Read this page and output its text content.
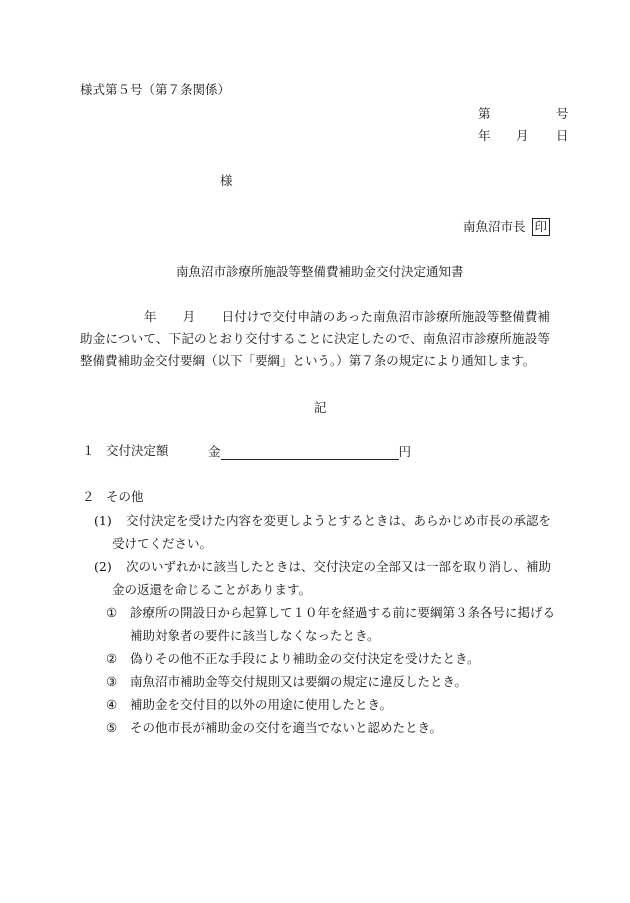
様式第５号（第７条関係）
第	号
年 月 日
様
南魚沼市長 印
南魚沼市診療所施設等整備費補助金交付決定通知書
年 月 日付けで交付申請のあった南魚沼市診療所施設等整備費補助金について、下記のとおり交付することに決定したので、南魚沼市診療所施設等整備費補助金交付要綱（以下「要綱」という。）第７条の規定により通知します。
記
１ 交付決定額	金	円
２ その他
(1) 交付決定を受けた内容を変更しようとするときは、あらかじめ市長の承認を
受けてください。
(2) 次のいずれかに該当したときは、交付決定の全部又は一部を取り消し、補助
金の返還を命じることがあります。
① 診療所の開設日から起算して１０年を経過する前に要綱第３条各号に掲げる
補助対象者の要件に該当しなくなったとき。
② 偽りその他不正な手段により補助金の交付決定を受けたとき。
③ 南魚沼市補助金等交付規則又は要綱の規定に違反したとき。
④ 補助金を交付目的以外の用途に使用したとき。
⑤ その他市長が補助金の交付を適当でないと認めたとき。
